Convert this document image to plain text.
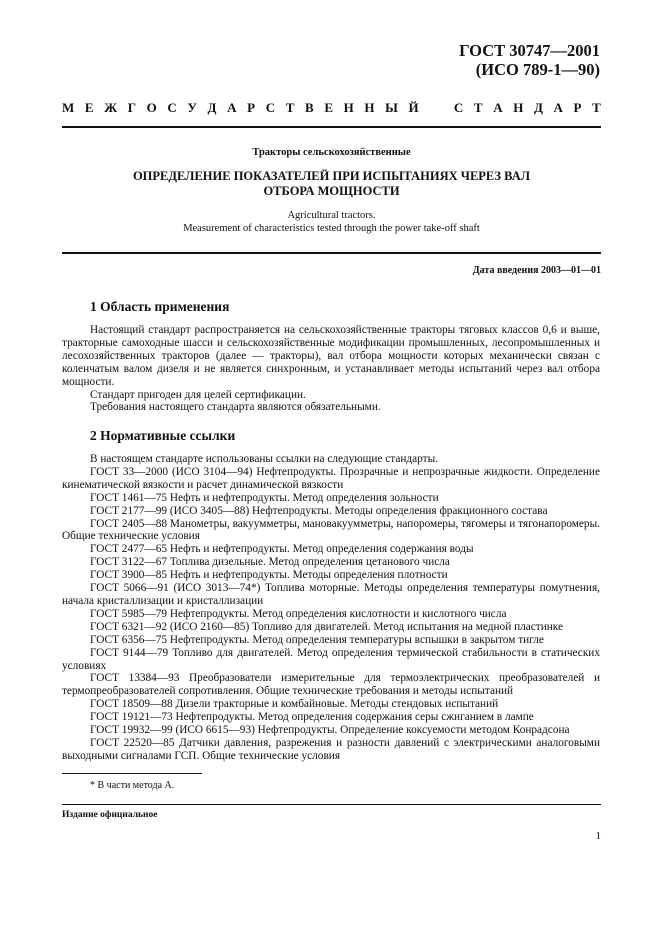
ГОСТ 30747—2001
(ИСО 789-1—90)
М Е Ж Г О С У Д А Р С Т В Е Н Н Ы Й	С Т А Н Д А Р Т
Тракторы сельскохозяйственные
ОПРЕДЕЛЕНИЕ ПОКАЗАТЕЛЕЙ ПРИ ИСПЫТАНИЯХ ЧЕРЕЗ ВАЛ
ОТБОРА МОЩНОСТИ
Agricultural tractors.
Measurement of characteristics tested through the power take-off shaft
Дата введения 2003—01—01
1 Область применения

Настоящий стандарт распространяется на сельскохозяйственные тракторы тяговых классов 0,6 и выше, тракторные самоходные шасси и сельскохозяйственные модификации промышленных, лесопромышленных и лесохозяйственных тракторов (далее — тракторы), вал отбора мощности которых механически связан с коленчатым валом дизеля и не является синхронным, и устанавливает методы испытаний через вал отбора мощности.

Стандарт пригоден для целей сертификации.

Требования настоящего стандарта являются обязательными.

2 Нормативные ссылки

В настоящем стандарте использованы ссылки на следующие стандарты.

ГОСТ 33—2000 (ИСО 3104—94) Нефтепродукты. Прозрачные и непрозрачные жидкости. Определение кинематической вязкости и расчет динамической вязкости

ГОСТ 1461—75 Нефть и нефтепродукты. Метод определения зольности

ГОСТ 2177—99 (ИСО 3405—88) Нефтепродукты. Методы определения фракционного состава

ГОСТ 2405—88 Манометры, вакуумметры, мановакуумметры, напоромеры, тягомеры и тягонапоромеры. Общие технические условия

ГОСТ 2477—65 Нефть и нефтепродукты. Метод определения содержания воды

ГОСТ 3122—67 Топлива дизельные. Метод определения цетанового числа

ГОСТ 3900—85 Нефть и нефтепродукты. Методы определения плотности

ГОСТ 5066—91 (ИСО 3013—74*) Топлива моторные. Методы определения температуры помутнения, начала кристаллизации и кристаллизации

ГОСТ 5985—79 Нефтепродукты. Метод определения кислотности и кислотного числа

ГОСТ 6321—92 (ИСО 2160—85) Топливо для двигателей. Метод испытания на медной пластинке

ГОСТ 6356—75 Нефтепродукты. Метод определения температуры вспышки в закрытом тигле

ГОСТ 9144—79 Топливо для двигателей. Метод определения термической стабильности в статических условиях

ГОСТ 13384—93 Преобразователи измерительные для термоэлектрических преобразователей и термопреобразователей сопротивления. Общие технические требования и методы испытаний

ГОСТ 18509—88 Дизели тракторные и комбайновые. Методы стендовых испытаний

ГОСТ 19121—73 Нефтепродукты. Метод определения содержания серы сжиганием в лампе

ГОСТ 19932—99 (ИСО 6615—93) Нефтепродукты. Определение коксуемости методом Конрадсона

ГОСТ 22520—85 Датчики давления, разрежения и разности давлений с электрическими аналоговыми выходными сигналами ГСП. Общие технические условия

* В части метода А.
Издание официальное
1
